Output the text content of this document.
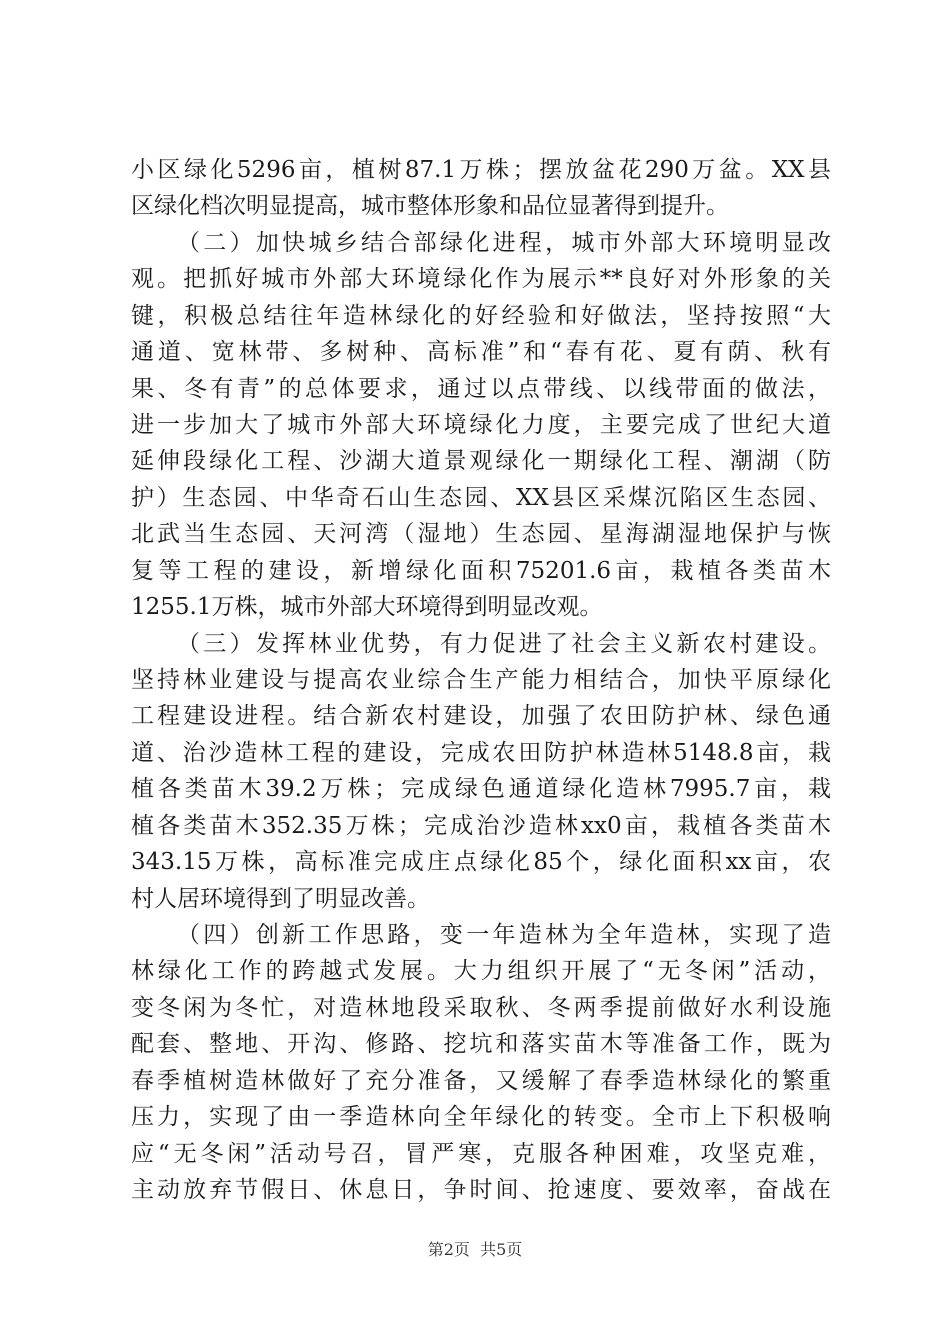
小区绿化5296亩，植树87.1万株；摆放盆花290万盆。XX县
区绿化档次明显提高，城市整体形象和品位显著得到提升。
（二）加快城乡结合部绿化进程，城市外部大环境明显改
观。把抓好城市外部大环境绿化作为展示**良好对外形象的关
键，积极总结往年造林绿化的好经验和好做法，坚持按照“大
通道、宽林带、多树种、高标准”和“春有花、夏有荫、秋有
果、冬有青”的总体要求，通过以点带线、以线带面的做法，
进一步加大了城市外部大环境绿化力度，主要完成了世纪大道
延伸段绿化工程、沙湖大道景观绿化一期绿化工程、潮湖（防
护）生态园、中华奇石山生态园、XX县区采煤沉陷区生态园、
北武当生态园、天河湾（湿地）生态园、星海湖湿地保护与恢
复等工程的建设，新增绿化面积75201.6亩，栽植各类苗木
1255.1万株，城市外部大环境得到明显改观。
（三）发挥林业优势，有力促进了社会主义新农村建设。
坚持林业建设与提高农业综合生产能力相结合，加快平原绿化
工程建设进程。结合新农村建设，加强了农田防护林、绿色通
道、治沙造林工程的建设，完成农田防护林造林5148.8亩，栽
植各类苗木39.2万株；完成绿色通道绿化造林7995.7亩，栽
植各类苗木352.35万株；完成治沙造林xx0亩，栽植各类苗木
343.15万株，高标准完成庄点绿化85个，绿化面积xx亩，农
村人居环境得到了明显改善。
（四）创新工作思路，变一年造林为全年造林，实现了造
林绿化工作的跨越式发展。大力组织开展了“无冬闲”活动，
变冬闲为冬忙，对造林地段采取秋、冬两季提前做好水利设施
配套、整地、开沟、修路、挖坑和落实苗木等准备工作，既为
春季植树造林做好了充分准备，又缓解了春季造林绿化的繁重
压力，实现了由一季造林向全年绿化的转变。全市上下积极响
应“无冬闲”活动号召，冒严寒，克服各种困难，攻坚克难，
主动放弃节假日、休息日，争时间、抢速度、要效率，奋战在
第2页 共5页
